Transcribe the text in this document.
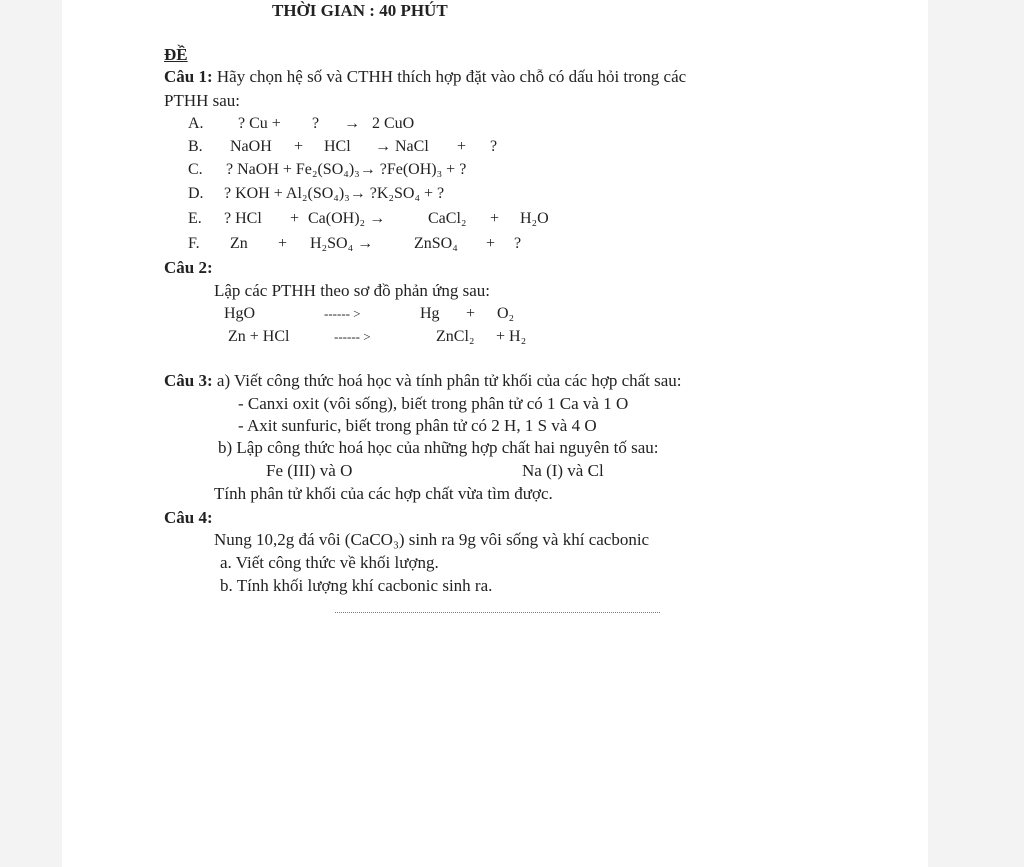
THỜI GIAN : 40 PHÚT
ĐỀ
Câu 1: Hãy chọn hệ số và CTHH thích hợp đặt vào chỗ có dấu hỏi trong các
PTHH sau:
A. ? Cu + ? → 2 CuO
B. NaOH + HCl → NaCl + ?
C. ? NaOH + Fe₂(SO₄)₃→ ?Fe(OH)₃ + ?
D. ? KOH + Al₂(SO₄)₃→ ?K₂SO₄ + ?
E. ? HCl + Ca(OH)₂ →	CaCl₂ + H₂O
F. Zn + H₂SO₄ →	ZnSO₄ + ?
Câu 2:
Lập các PTHH theo sơ đồ phản ứng sau:
HgO	------ >	Hg + O₂
Zn + HCl	------ >	ZnCl₂ + H₂
Câu 3: a) Viết công thức hoá học và tính phân tử khối của các hợp chất sau:
- Canxi oxit (vôi sống), biết trong phân tử có 1 Ca và 1 O
- Axit sunfuric, biết trong phân tử có 2 H, 1 S và 4 O
b) Lập công thức hoá học của những hợp chất hai nguyên tố sau:
Fe (III) và O	Na (I) và Cl
Tính phân tử khối của các hợp chất vừa tìm được.
Câu 4:
Nung 10,2g đá vôi (CaCO₃) sinh ra 9g vôi sống và khí cacbonic
a. Viết công thức về khối lượng.
b. Tính khối lượng khí cacbonic sinh ra.
